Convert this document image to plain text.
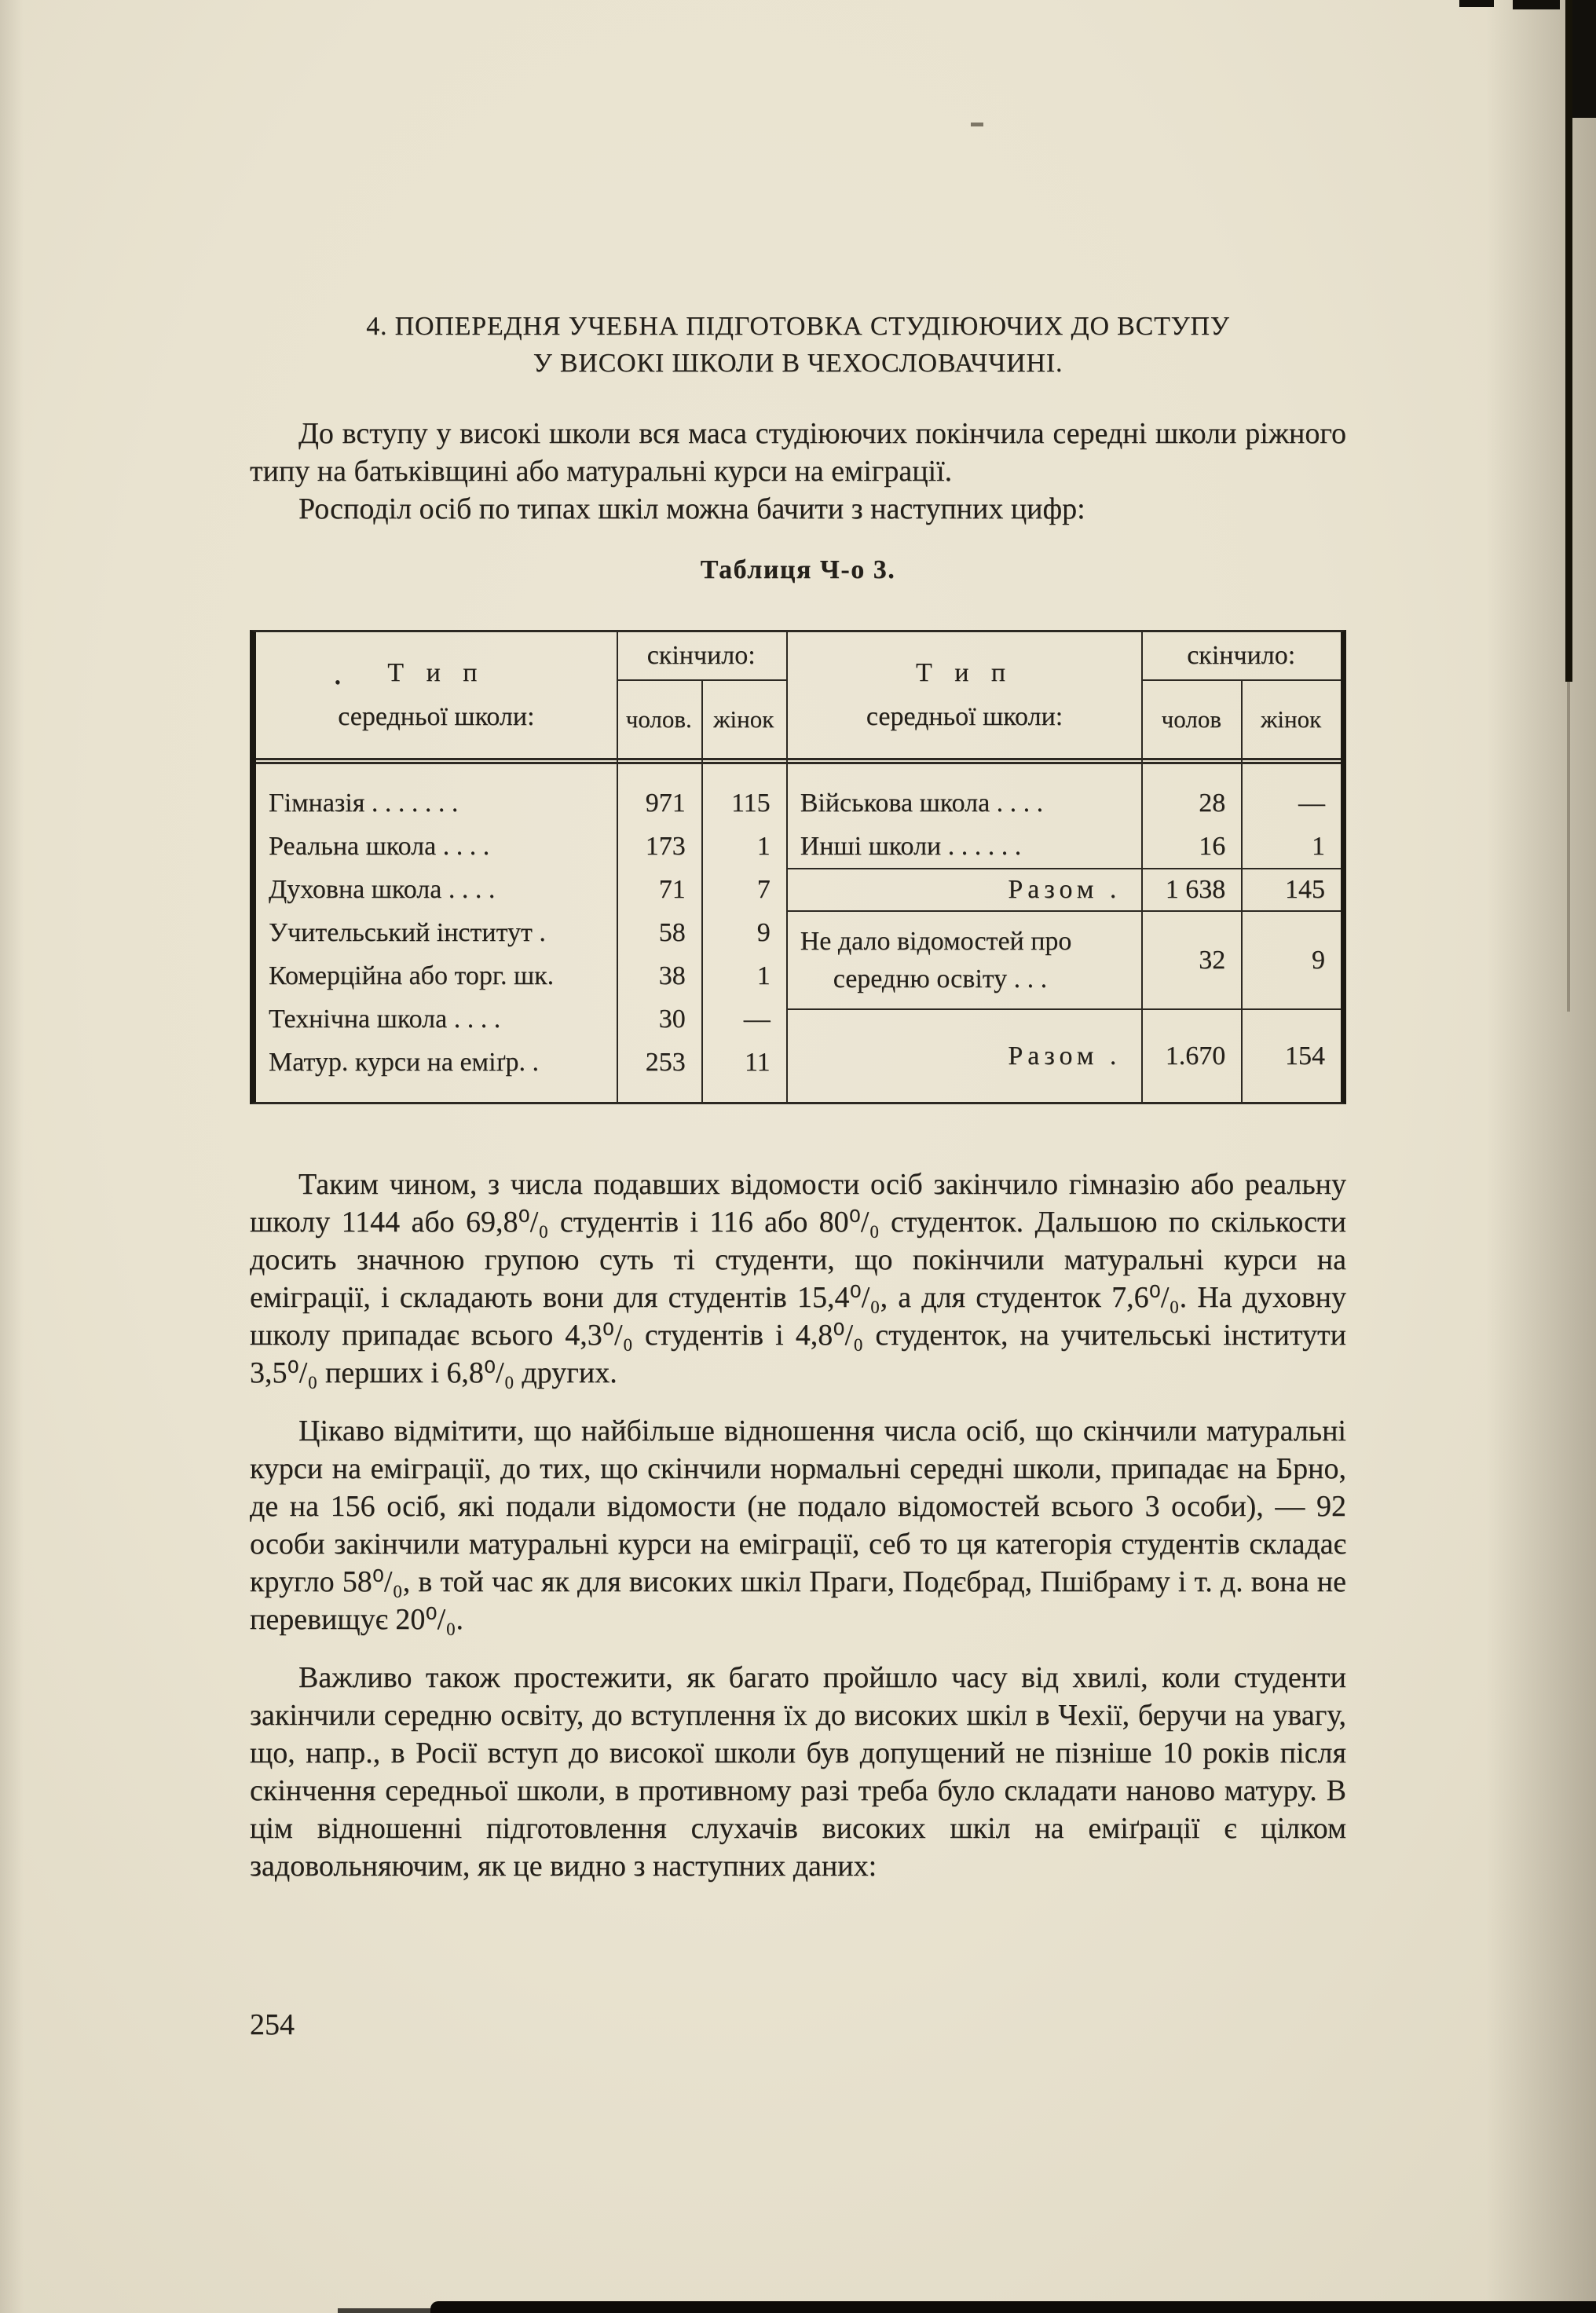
4. ПОПЕРЕДНЯ УЧЕБНА ПІДГОТОВКА СТУДІЮЮЧИХ ДО ВСТУПУ
У ВИСОКІ ШКОЛИ В ЧЕХОСЛОВАЧЧИНІ.

До вступу у високі школи вся маса студіюючих покінчила середні школи ріжного типу на батьківщині або матуральні курси на еміграції.

Росподіл осіб по типах шкіл можна бачити з наступних цифр:

Таблиця Ч-о 3.
• Т и п
середньої школи:
скінчило:
чолов. жінок
Гімназія . . . . . . .	971	115
Реальна школа . . . .	173	1
Духовна школа . . . .	71	7
Учительський інститут .	58	9
Комерційна або торг. шк.	38	1
Технічна школа . . . .	30	—
Матур. курси на еміґр. .	253	11
Т и п
середньої школи:
скінчило:
чолов	жінок
Військова школа . . . .	28	—
Инші школи . . . . . .	16	1
Разом .	1 638	145
Не дало відомостей про
середню освіту . . .
32	9
Разом .	1.670	154

Таким чином, з числа подавших відомости осіб закінчило гімназію або реальну школу 1144 або 69,8⁰/₀ студентів і 116 або 80⁰/₀ студенток. Дальшою по скількости досить значною групою суть ті студенти, що покінчили матуральні курси на еміграції, і складають вони для студентів 15,4⁰/₀, а для студенток 7,6⁰/₀. На духовну школу припадає всього 4,3⁰/₀ студентів і 4,8⁰/₀ студенток, на учительські інститути 3,5⁰/₀ перших і 6,8⁰/₀ других.

Цікаво відмітити, що найбільше відношення числа осіб, що скінчили матуральні курси на еміграції, до тих, що скінчили нормальні середні школи, припадає на Брно, де на 156 осіб, які подали відомости (не подало відомостей всього 3 особи), — 92 особи закінчили матуральні курси на еміграції, себ то ця категорія студентів складає кругло 58⁰/₀, в той час як для високих шкіл Праги, Подєбрад, Пшібраму і т. д. вона не перевищує 20⁰/₀.

Важливо також простежити, як багато пройшло часу від хвилі, коли студенти закінчили середню освіту, до вступлення їх до високих шкіл в Чехії, беручи на увагу, що, напр., в Росії вступ до високої школи був допущений не пізніше 10 років після скінчення середньої школи, в противному разі треба було складати наново матуру. В цім відношенні підготовлення слухачів високих шкіл на еміґрації є цілком задовольняючим, як це видно з наступних даних:

254
